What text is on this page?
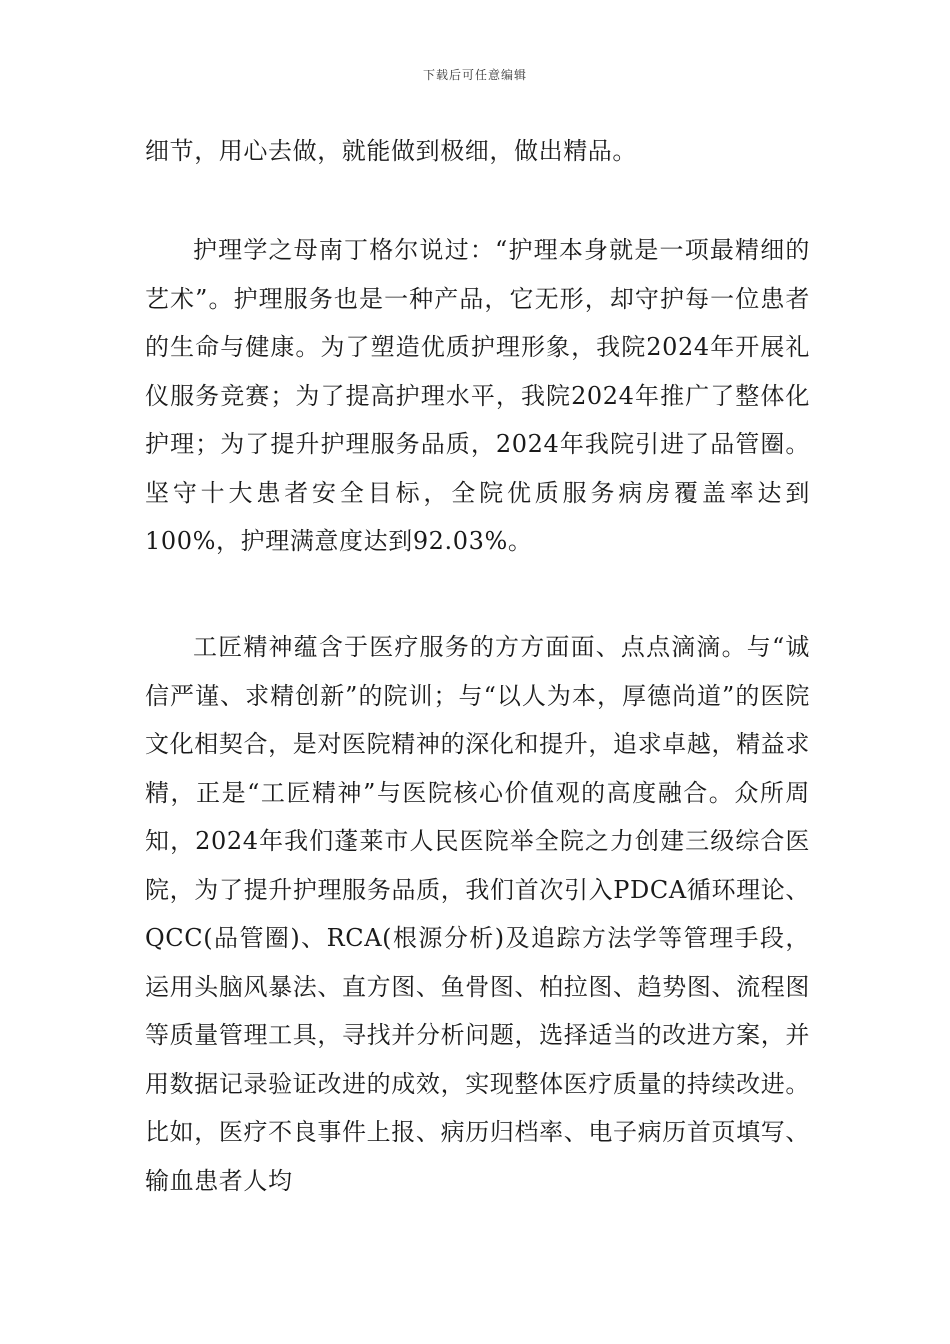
下载后可任意编辑

细节，用心去做，就能做到极细，做出精品。

护理学之母南丁格尔说过：“护理本身就是一项最精细的艺术”。护理服务也是一种产品，它无形，却守护每一位患者的生命与健康。为了塑造优质护理形象，我院2024年开展礼仪服务竞赛；为了提高护理水平，我院2024年推广了整体化护理；为了提升护理服务品质，2024年我院引进了品管圈。坚守十大患者安全目标，全院优质服务病房覆盖率达到100%，护理满意度达到92.03%。

工匠精神蕴含于医疗服务的方方面面、点点滴滴。与“诚信严谨、求精创新”的院训；与“以人为本，厚德尚道”的医院文化相契合，是对医院精神的深化和提升，追求卓越，精益求精，正是“工匠精神”与医院核心价值观的高度融合。众所周知，2024年我们蓬莱市人民医院举全院之力创建三级综合医院，为了提升护理服务品质，我们首次引入PDCA循环理论、QCC(品管圈)、RCA(根源分析)及追踪方法学等管理手段，运用头脑风暴法、直方图、鱼骨图、柏拉图、趋势图、流程图等质量管理工具，寻找并分析问题，选择适当的改进方案，并用数据记录验证改进的成效，实现整体医疗质量的持续改进。比如，医疗不良事件上报、病历归档率、电子病历首页填写、输血患者人均
